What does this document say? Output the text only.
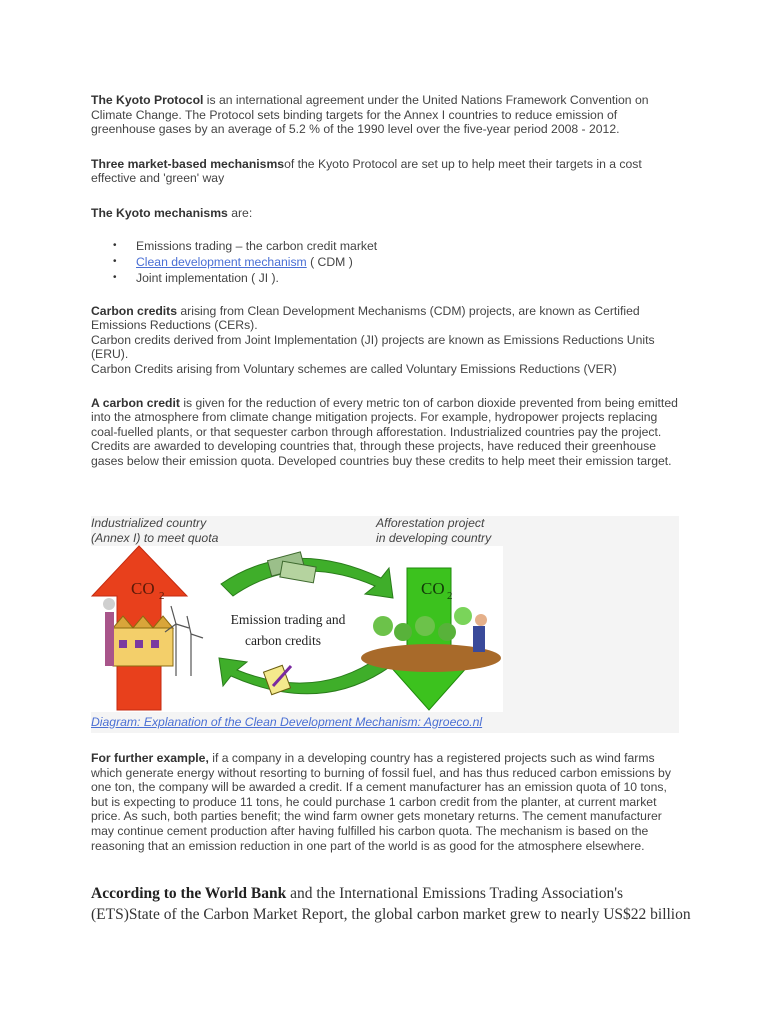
The Kyoto Protocol is an international agreement under the United Nations Framework Convention on Climate Change. The Protocol sets binding targets for the Annex I countries to reduce emission of greenhouse gases by an average of 5.2 % of the 1990 level over the five-year period 2008 - 2012.

Three market-based mechanismsof the Kyoto Protocol are set up to help meet their targets in a cost effective and 'green' way

The Kyoto mechanisms are:

• Emissions trading – the carbon credit market
• Clean development mechanism ( CDM )
• Joint implementation ( JI ).

Carbon credits arising from Clean Development Mechanisms (CDM) projects, are known as Certified Emissions Reductions (CERs).
Carbon credits derived from Joint Implementation (JI) projects are known as Emissions Reductions Units (ERU).
Carbon Credits arising from Voluntary schemes are called Voluntary Emissions Reductions (VER)

A carbon credit is given for the reduction of every metric ton of carbon dioxide prevented from being emitted into the atmosphere from climate change mitigation projects. For example, hydropower projects replacing coal-fuelled plants, or that sequester carbon through afforestation. Industrialized countries pay the project. Credits are awarded to developing countries that, through these projects, have reduced their greenhouse gases below their emission quota. Developed countries buy these credits to help meet their emission target.

Industrialized country
(Annex I) to meet quota
Afforestation project
in developing country
CO 2
Emission trading and
carbon credits
CO 2
Diagram: Explanation of the Clean Development Mechanism: Agroeco.nl

For further example, if a company in a developing country has a registered projects such as wind farms which generate energy without resorting to burning of fossil fuel, and has thus reduced carbon emissions by one ton, the company will be awarded a credit. If a cement manufacturer has an emission quota of 10 tons, but is expecting to produce 11 tons, he could purchase 1 carbon credit from the planter, at current market price. As such, both parties benefit; the wind farm owner gets monetary returns. The cement manufacturer may continue cement production after having fulfilled his carbon quota. The mechanism is based on the reasoning that an emission reduction in one part of the world is as good for the atmosphere elsewhere.

According to the World Bank and the International Emissions Trading Association's (ETS)State of the Carbon Market Report, the global carbon market grew to nearly US$22 billion
